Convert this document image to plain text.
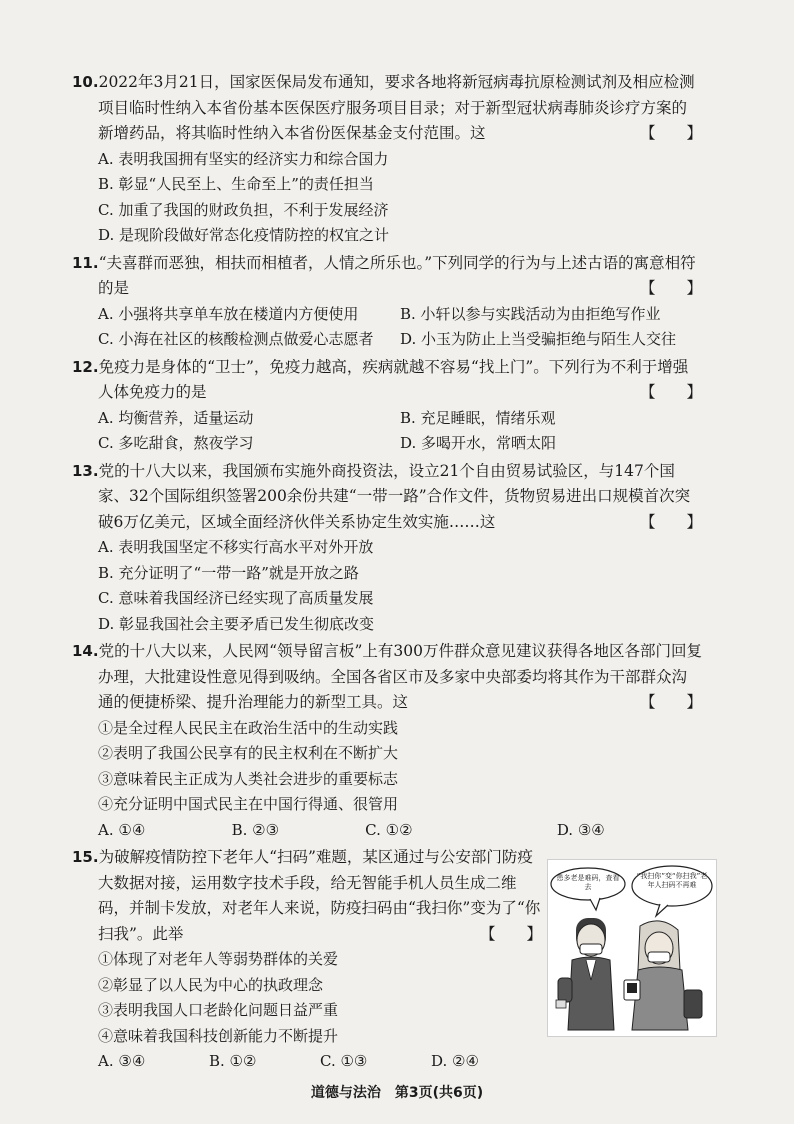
10.2022年3月21日，国家医保局发布通知，要求各地将新冠病毒抗原检测试剂及相应检测项目临时性纳入本省份基本医保医疗服务项目目录；对于新型冠状病毒肺炎诊疗方案的新增药品，将其临时性纳入本省份医保基金支付范围。这	【　　】
A. 表明我国拥有坚实的经济实力和综合国力
B. 彰显“人民至上、生命至上”的责任担当
C. 加重了我国的财政负担，不利于发展经济
D. 是现阶段做好常态化疫情防控的权宜之计
11.“夫喜群而恶独，相扶而相植者，人情之所乐也。”下列同学的行为与上述古语的寓意相符的是	【　　】
A. 小强将共享单车放在楼道内方便使用	B. 小轩以参与实践活动为由拒绝写作业
C. 小海在社区的核酸检测点做爱心志愿者	D. 小玉为防止上当受骗拒绝与陌生人交往
12.免疫力是身体的“卫士”，免疫力越高，疾病就越不容易“找上门”。下列行为不利于增强人体免疫力的是	【　　】
A. 均衡营养，适量运动	B. 充足睡眠，情绪乐观
C. 多吃甜食，熬夜学习	D. 多喝开水，常晒太阳
13.党的十八大以来，我国颁布实施外商投资法，设立21个自由贸易试验区，与147个国家、32个国际组织签署200余份共建“一带一路”合作文件，货物贸易进出口规模首次突破6万亿美元，区域全面经济伙伴关系协定生效实施……这	【　　】
A. 表明我国坚定不移实行高水平对外开放
B. 充分证明了“一带一路”就是开放之路
C. 意味着我国经济已经实现了高质量发展
D. 彰显我国社会主要矛盾已发生彻底改变
14.党的十八大以来，人民网“领导留言板”上有300万件群众意见建议获得各地区各部门回复办理，大批建设性意见得到吸纳。全国各省区市及多家中央部委均将其作为干部群众沟通的便捷桥梁、提升治理能力的新型工具。这	【　　】
①是全过程人民民主在政治生活中的生动实践
②表明了我国公民享有的民主权利在不断扩大
③意味着民主正成为人类社会进步的重要标志
④充分证明中国式民主在中国行得通、很管用
A. ①④	B. ②③	C. ①②	D. ③④
15.为破解疫情防控下老年人“扫码”难题，某区通过与公安部门防疫大数据对接，运用数字技术手段，给无智能手机人员生成二维码，并制卡发放，对老年人来说，防疫扫码由“我扫你”变为了“你扫我”。此举	【　　】
①体现了对老年人等弱势群体的关爱
②彰显了以人民为中心的执政理念
③表明我国人口老龄化问题日益严重
④意味着我国科技创新能力不断提升
A. ③④	B. ①②	C. ①③	D. ②④
患多老是难码，查看去
“我扫你”变“你扫我”老年人扫码不再难
道德与法治　第3页(共6页)
